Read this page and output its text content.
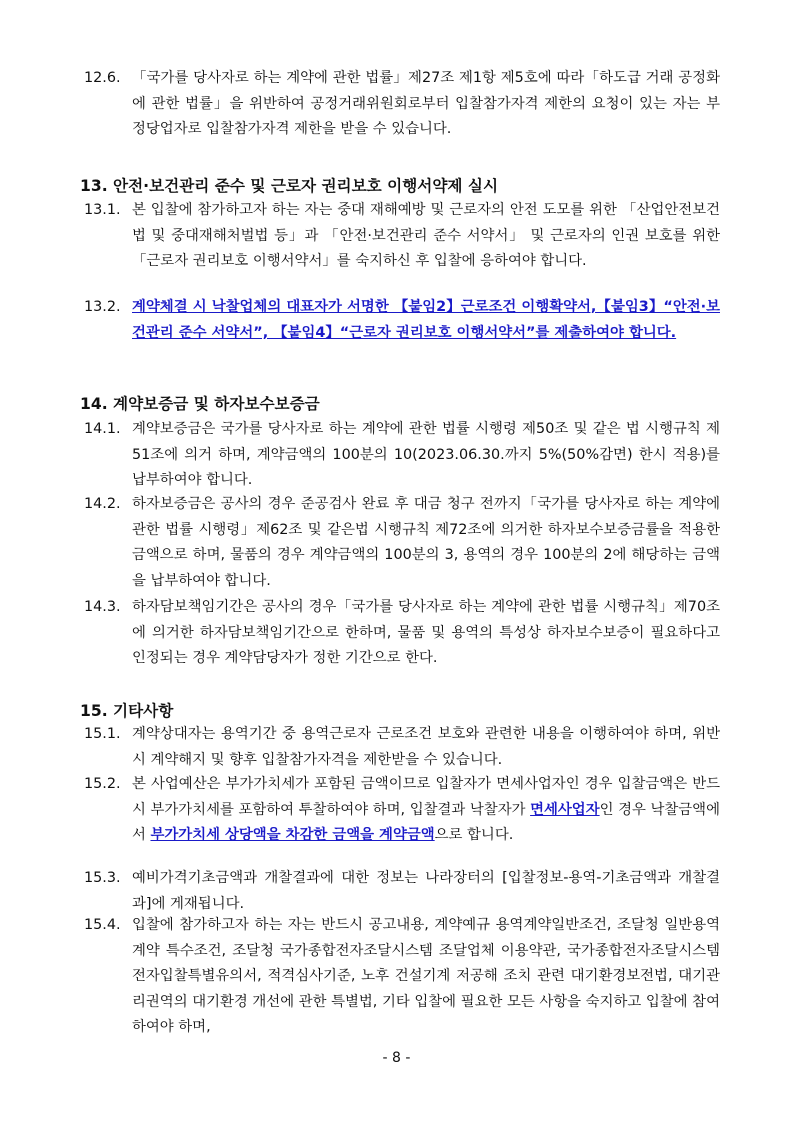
12.6. 「국가를 당사자로 하는 계약에 관한 법률」제27조 제1항 제5호에 따라「하도급 거래 공정화에 관한 법률」을 위반하여 공정거래위원회로부터 입찰참가자격 제한의 요청이 있는 자는 부정당업자로 입찰참가자격 제한을 받을 수 있습니다.
13. 안전·보건관리 준수 및 근로자 권리보호 이행서약제 실시
13.1. 본 입찰에 참가하고자 하는 자는 중대 재해예방 및 근로자의 안전 도모를 위한 「산업안전보건법 및 중대재해처벌법 등」과 「안전·보건관리 준수 서약서」 및 근로자의 인권 보호를 위한 「근로자 권리보호 이행서약서」를 숙지하신 후 입찰에 응하여야 합니다.
13.2. 계약체결 시 낙찰업체의 대표자가 서명한 【붙임2】근로조건 이행확약서,【붙임3】“안전·보건관리 준수 서약서”, 【붙임4】“근로자 권리보호 이행서약서”를 제출하여야 합니다.
14. 계약보증금 및 하자보수보증금
14.1. 계약보증금은 국가를 당사자로 하는 계약에 관한 법률 시행령 제50조 및 같은 법 시행규칙 제51조에 의거 하며, 계약금액의 100분의 10(2023.06.30.까지 5%(50%감면) 한시 적용)를 납부하여야 합니다.
14.2. 하자보증금은 공사의 경우 준공검사 완료 후 대금 청구 전까지「국가를 당사자로 하는 계약에 관한 법률 시행령」제62조 및 같은법 시행규칙 제72조에 의거한 하자보수보증금률을 적용한 금액으로 하며, 물품의 경우 계약금액의 100분의 3, 용역의 경우 100분의 2에 해당하는 금액을 납부하여야 합니다.
14.3. 하자담보책임기간은 공사의 경우「국가를 당사자로 하는 계약에 관한 법률 시행규칙」제70조에 의거한 하자담보책임기간으로 한하며, 물품 및 용역의 특성상 하자보수보증이 필요하다고 인정되는 경우 계약담당자가 정한 기간으로 한다.
15. 기타사항
15.1. 계약상대자는 용역기간 중 용역근로자 근로조건 보호와 관련한 내용을 이행하여야 하며, 위반 시 계약해지 및 향후 입찰참가자격을 제한받을 수 있습니다.
15.2. 본 사업예산은 부가가치세가 포함된 금액이므로 입찰자가 면세사업자인 경우 입찰금액은 반드시 부가가치세를 포함하여 투찰하여야 하며, 입찰결과 낙찰자가 면세사업자인 경우 낙찰금액에서 부가가치세 상당액을 차감한 금액을 계약금액으로 합니다.
15.3. 예비가격기초금액과 개찰결과에 대한 정보는 나라장터의 [입찰정보-용역-기초금액과 개찰결과]에 게재됩니다.
15.4. 입찰에 참가하고자 하는 자는 반드시 공고내용, 계약예규 용역계약일반조건, 조달청 일반용역계약 특수조건, 조달청 국가종합전자조달시스템 조달업체 이용약관, 국가종합전자조달시스템 전자입찰특별유의서, 적격심사기준, 노후 건설기계 저공해 조치 관련 대기환경보전법, 대기관리권역의 대기환경 개선에 관한 특별법, 기타 입찰에 필요한 모든 사항을 숙지하고 입찰에 참여하여야 하며,
- 8 -
